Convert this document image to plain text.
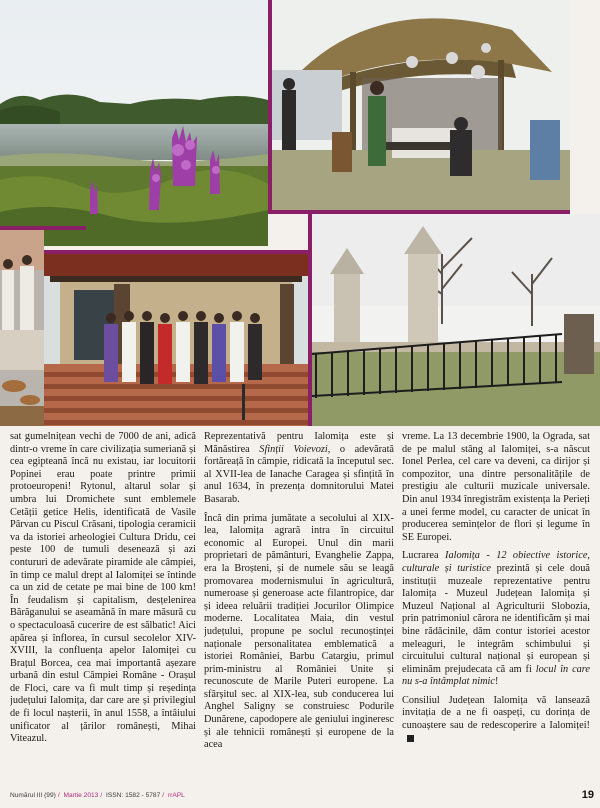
sat gumelnițean vechi de 7000 de ani, adică dintr-o vreme în care civilizația sumeriană și cea egipteană încă nu existau, iar locuitorii Popinei erau poate printre primii protoeuropeni! Rytonul, altarul solar și umbra lui Dromichete sunt emblemele Cetății getice Helis, identificată de Vasile Pârvan cu Piscul Crăsani, tipologia ceramicii va da istoriei arheologiei Cultura Dridu, cei peste 100 de tumuli desenează și azi contururi de adevărate piramide ale câmpiei, în timp ce malul drept al Ialomiței se întinde ca un zid de cetate pe mai bine de 100 km! În feudalism și capitalism, desțelenirea Bărăganului se aseamănă în mare măsură cu o spectaculoasă cucerire de est sălbatic! Aici apărea și înflorea, în cursul secolelor XIV-XVIII, la confluența apelor Ialomiței cu Brațul Borcea, cea mai importantă așezare urbană din estul Câmpiei Române - Orașul de Floci, care va fi mult timp și reședința județului Ialomița, dar care are și privilegiul de fi locul nașterii, în anul 1558, a întâiului unificator al țărilor românești, Mihai Viteazul.

Reprezentativă pentru Ialomița este și Mănăstirea Sfinții Voievozi, o adevărată fortăreață în câmpie, ridicată la începutul sec. al XVII-lea de Ianache Caragea și sfințită în anul 1634, în prezența domnitorului Matei Basarab.

Încă din prima jumătate a secolului al XIX-lea, Ialomița agrară intra în circuitul economic al Europei. Unul din marii proprietari de pământuri, Evanghelie Zappa, era la Broșteni, și de numele său se leagă promovarea modernismului în agricultură, numeroase și generoase acte filantropice, dar și ideea reluării tradiției Jocurilor Olimpice moderne. Localitatea Maia, din vestul județului, propune pe soclul recunoștinței naționale personalitatea emblematică a istoriei României, Barbu Catargiu, primul prim-ministru al României Unite și recunoscute de Marile Puteri europene. La sfârșitul sec. al XIX-lea, sub conducerea lui Anghel Saligny se construiesc Podurile Dunărene, capodopere ale geniului ingineresc și ale tehnicii românești și europene de la acea

vreme. La 13 decembrie 1900, la Ograda, sat de pe malul stâng al Ialomiței, s-a născut Ionel Perlea, cel care va deveni, ca dirijor și compozitor, una dintre personalitățile de prestigiu ale culturii muzicale universale. Din anul 1934 înregistrăm existența la Perieți a unei ferme model, cu caracter de unicat în producerea semințelor de flori și legume în SE Europei.

Lucrarea Ialomița - 12 obiective istorice, culturale și turistice prezintă și cele două instituții muzeale reprezentative pentru Ialomița - Muzeul Județean Ialomița și Muzeul Național al Agriculturii Slobozia, prin patrimoniul cărora ne identificăm și mai bine rădăcinile, dăm contur istoriei acestor meleaguri, le integrăm schimbului și circuitului cultural național și european și eliminăm prejudecata că am fi locul în care nu s-a întâmplat nimic!

Consiliul Județean Ialomița vă lansează invitația de a ne fi oaspeți, cu dorința de cunoaștere sau de redescoperire a Ialomiței!

Numărul III (99) / Martie 2013 / ISSN: 1582 - 5787 / rrAPL	19
